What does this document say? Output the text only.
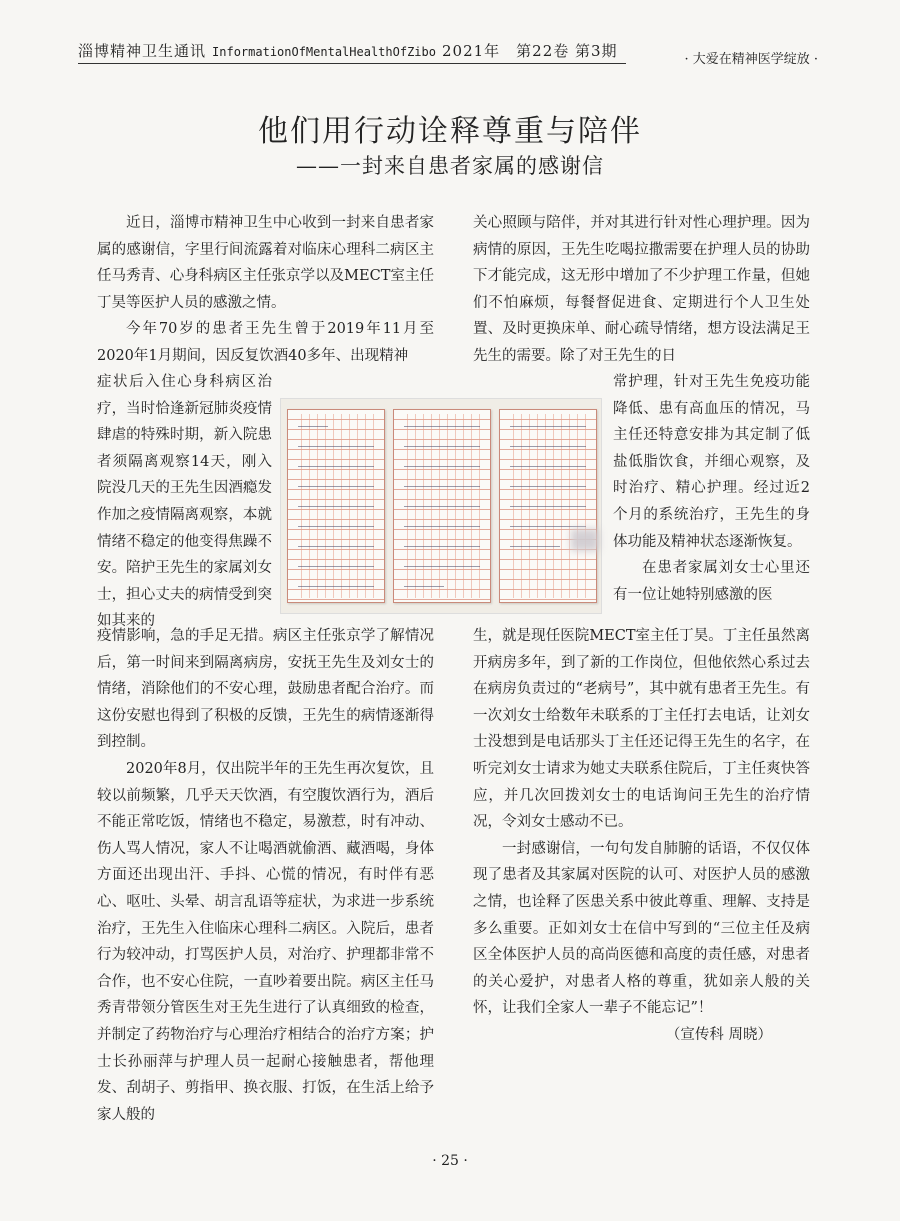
淄博精神卫生通讯 InformationOfMentalHealthOfZibo 2021年　第22卷 第3期	· 大爱在精神医学绽放 ·
他们用行动诠释尊重与陪伴
——一封来自患者家属的感谢信

近日，淄博市精神卫生中心收到一封来自患者家属的感谢信，字里行间流露着对临床心理科二病区主任马秀青、心身科病区主任张京学以及MECT室主任丁昊等医护人员的感激之情。

今年70岁的患者王先生曾于2019年11月至2020年1月期间，因反复饮酒40多年、出现精神

症状后入住心身科病区治疗，当时恰逢新冠肺炎疫情肆虐的特殊时期，新入院患者须隔离观察14天，刚入院没几天的王先生因酒瘾发作加之疫情隔离观察，本就情绪不稳定的他变得焦躁不安。陪护王先生的家属刘女士，担心丈夫的病情受到突如其来的

疫情影响，急的手足无措。病区主任张京学了解情况后，第一时间来到隔离病房，安抚王先生及刘女士的情绪，消除他们的不安心理，鼓励患者配合治疗。而这份安慰也得到了积极的反馈，王先生的病情逐渐得到控制。

2020年8月，仅出院半年的王先生再次复饮，且较以前频繁，几乎天天饮酒，有空腹饮酒行为，酒后不能正常吃饭，情绪也不稳定，易激惹，时有冲动、伤人骂人情况，家人不让喝酒就偷酒、藏酒喝，身体方面还出现出汗、手抖、心慌的情况，有时伴有恶心、呕吐、头晕、胡言乱语等症状，为求进一步系统治疗，王先生入住临床心理科二病区。入院后，患者行为较冲动，打骂医护人员，对治疗、护理都非常不合作，也不安心住院，一直吵着要出院。病区主任马秀青带领分管医生对王先生进行了认真细致的检查，并制定了药物治疗与心理治疗相结合的治疗方案；护士长孙丽萍与护理人员一起耐心接触患者，帮他理发、刮胡子、剪指甲、换衣服、打饭，在生活上给予家人般的

关心照顾与陪伴，并对其进行针对性心理护理。因为病情的原因，王先生吃喝拉撒需要在护理人员的协助下才能完成，这无形中增加了不少护理工作量，但她们不怕麻烦，每餐督促进食、定期进行个人卫生处置、及时更换床单、耐心疏导情绪，想方设法满足王先生的需要。除了对王先生的日

常护理，针对王先生免疫功能降低、患有高血压的情况，马主任还特意安排为其定制了低盐低脂饮食，并细心观察，及时治疗、精心护理。经过近2个月的系统治疗，王先生的身体功能及精神状态逐渐恢复。

在患者家属刘女士心里还有一位让她特别感激的医

生，就是现任医院MECT室主任丁昊。丁主任虽然离开病房多年，到了新的工作岗位，但他依然心系过去在病房负责过的“老病号”，其中就有患者王先生。有一次刘女士给数年未联系的丁主任打去电话，让刘女士没想到是电话那头丁主任还记得王先生的名字，在听完刘女士请求为她丈夫联系住院后，丁主任爽快答应，并几次回拨刘女士的电话询问王先生的治疗情况，令刘女士感动不已。

一封感谢信，一句句发自肺腑的话语，不仅仅体现了患者及其家属对医院的认可、对医护人员的感激之情，也诠释了医患关系中彼此尊重、理解、支持是多么重要。正如刘女士在信中写到的“三位主任及病区全体医护人员的高尚医德和高度的责任感，对患者的关心爱护，对患者人格的尊重，犹如亲人般的关怀，让我们全家人一辈子不能忘记”！

（宣传科 周晓）

· 25 ·
